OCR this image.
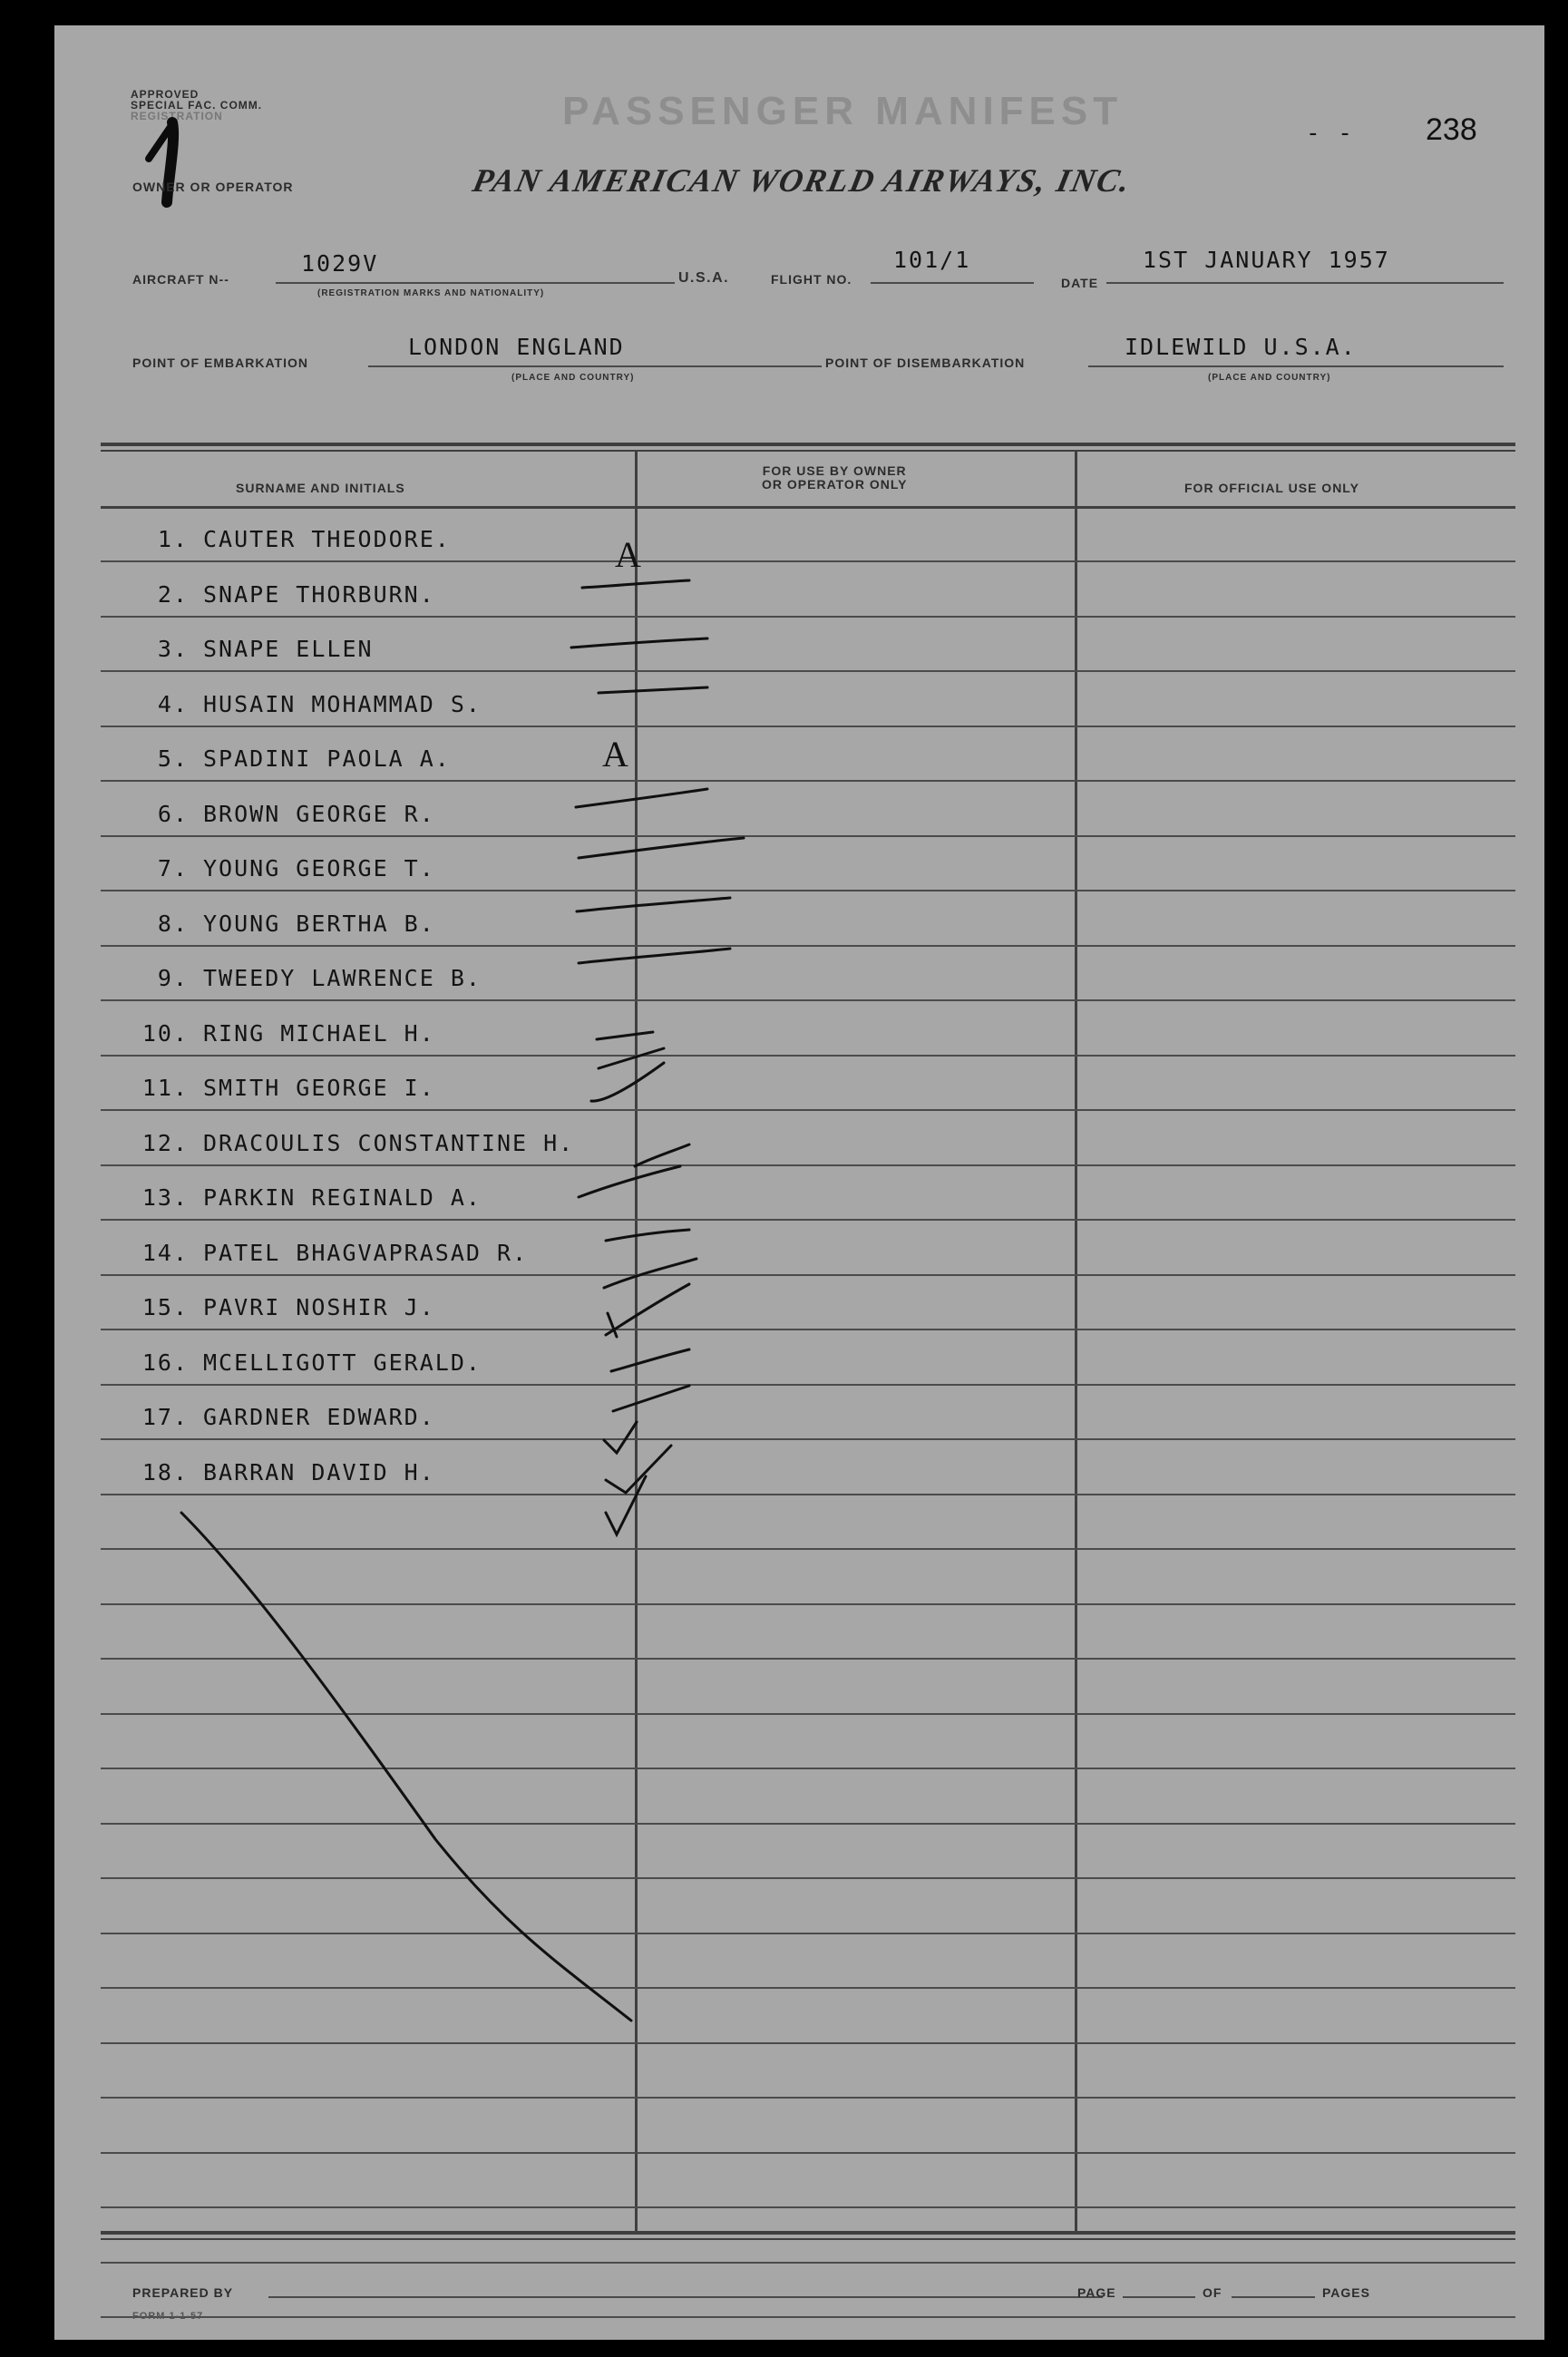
APPROVED
SPECIAL FAC. COMM.
REGISTRATION	PASSENGER MANIFEST	- - 238
OWNER OR OPERATOR	PAN AMERICAN WORLD AIRWAYS, INC.
AIRCRAFT N--
1029V
(REGISTRATION MARKS AND NATIONALITY)
U.S.A.	FLIGHT NO.
101/1
DATE
1ST JANUARY 1957
POINT OF EMBARKATION
LONDON ENGLAND
(PLACE AND COUNTRY)
POINT OF DISEMBARKATION
IDLEWILD U.S.A.
(PLACE AND COUNTRY)
SURNAME AND INITIALS
FOR USE BY OWNER
OR OPERATOR ONLY	FOR OFFICIAL USE ONLY
1. CAUTER THEODORE.
2. SNAPE THORBURN.
3. SNAPE ELLEN
4. HUSAIN MOHAMMAD S.
5. SPADINI PAOLA A.
6. BROWN GEORGE R.
7. YOUNG GEORGE T.
8. YOUNG BERTHA B.
9. TWEEDY LAWRENCE B.
10. RING MICHAEL H.
11. SMITH GEORGE I.
12. DRACOULIS CONSTANTINE H.
13. PARKIN REGINALD A.
14. PATEL BHAGVAPRASAD R.
15. PAVRI NOSHIR J.
16. MCELLIGOTT GERALD.
17. GARDNER EDWARD.
18. BARRAN DAVID H.
PREPARED BY	PAGE	OF	PAGES
FORM 1-1-57
A
A
